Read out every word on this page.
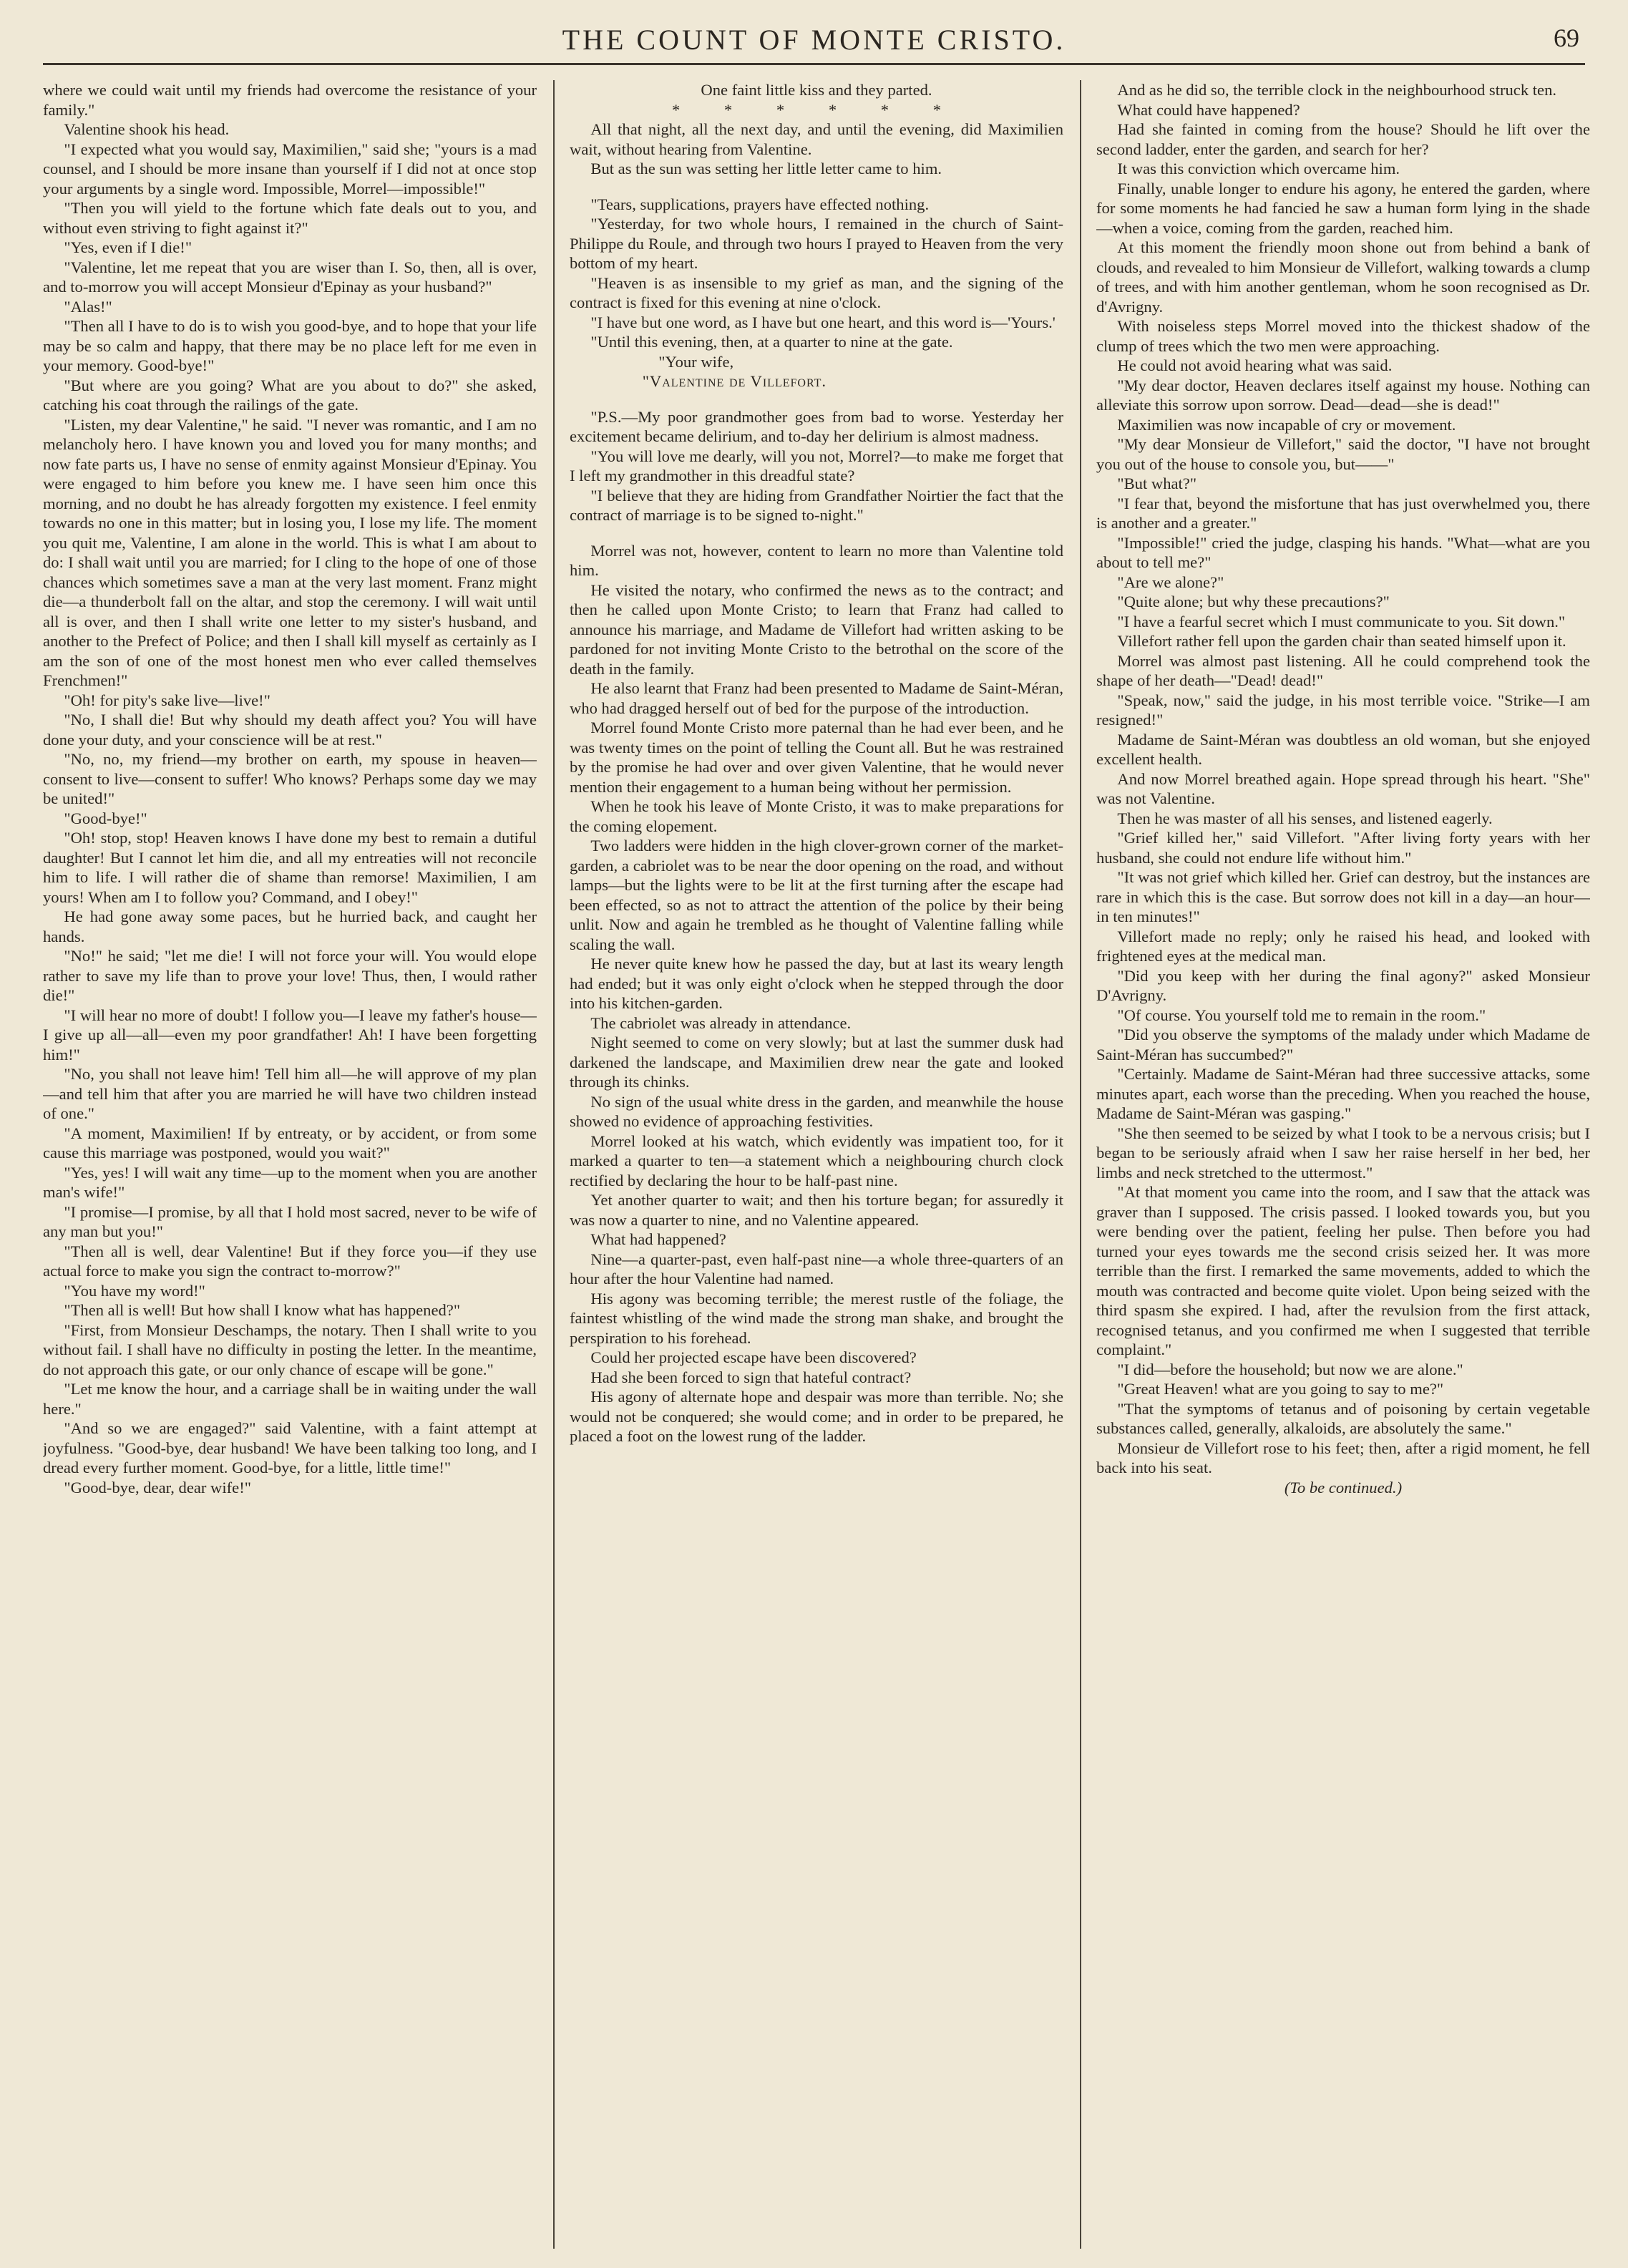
THE COUNT OF MONTE CRISTO.	69

where we could wait until my friends had overcome the resistance of your family."

Valentine shook his head.

"I expected what you would say, Maximilien," said she; "yours is a mad counsel, and I should be more insane than yourself if I did not at once stop your arguments by a single word. Impossible, Morrel—impossible!"

"Then you will yield to the fortune which fate deals out to you, and without even striving to fight against it?"

"Yes, even if I die!"

"Valentine, let me repeat that you are wiser than I. So, then, all is over, and to-morrow you will accept Monsieur d'Epinay as your husband?"

"Alas!"

"Then all I have to do is to wish you good-bye, and to hope that your life may be so calm and happy, that there may be no place left for me even in your memory. Good-bye!"

"But where are you going? What are you about to do?" she asked, catching his coat through the railings of the gate.

"Listen, my dear Valentine," he said. "I never was romantic, and I am no melancholy hero. I have known you and loved you for many months; and now fate parts us, I have no sense of enmity against Monsieur d'Epinay. You were engaged to him before you knew me. I have seen him once this morning, and no doubt he has already forgotten my existence. I feel enmity towards no one in this matter; but in losing you, I lose my life. The moment you quit me, Valentine, I am alone in the world. This is what I am about to do: I shall wait until you are married; for I cling to the hope of one of those chances which sometimes save a man at the very last moment. Franz might die—a thunderbolt fall on the altar, and stop the ceremony. I will wait until all is over, and then I shall write one letter to my sister's husband, and another to the Prefect of Police; and then I shall kill myself as certainly as I am the son of one of the most honest men who ever called themselves Frenchmen!"

"Oh! for pity's sake live—live!"

"No, I shall die! But why should my death affect you? You will have done your duty, and your conscience will be at rest."

"No, no, my friend—my brother on earth, my spouse in heaven—consent to live—consent to suffer! Who knows? Perhaps some day we may be united!"

"Good-bye!"

"Oh! stop, stop! Heaven knows I have done my best to remain a dutiful daughter! But I cannot let him die, and all my entreaties will not reconcile him to life. I will rather die of shame than remorse! Maximilien, I am yours! When am I to follow you? Command, and I obey!"

He had gone away some paces, but he hurried back, and caught her hands.

"No!" he said; "let me die! I will not force your will. You would elope rather to save my life than to prove your love! Thus, then, I would rather die!"

"I will hear no more of doubt! I follow you—I leave my father's house—I give up all—all—even my poor grandfather! Ah! I have been forgetting him!"

"No, you shall not leave him! Tell him all—he will approve of my plan—and tell him that after you are married he will have two children instead of one."

"A moment, Maximilien! If by entreaty, or by accident, or from some cause this marriage was postponed, would you wait?"

"Yes, yes! I will wait any time—up to the moment when you are another man's wife!"

"I promise—I promise, by all that I hold most sacred, never to be wife of any man but you!"

"Then all is well, dear Valentine! But if they force you—if they use actual force to make you sign the contract to-morrow?"

"You have my word!"

"Then all is well! But how shall I know what has happened?"

"First, from Monsieur Deschamps, the notary. Then I shall write to you without fail. I shall have no difficulty in posting the letter. In the meantime, do not approach this gate, or our only chance of escape will be gone."

"Let me know the hour, and a carriage shall be in waiting under the wall here."

"And so we are engaged?" said Valentine, with a faint attempt at joyfulness. "Good-bye, dear husband! We have been talking too long, and I dread every further moment. Good-bye, for a little, little time!"

"Good-bye, dear, dear wife!"

One faint little kiss and they parted.

* * * * * *

All that night, all the next day, and until the evening, did Maximilien wait, without hearing from Valentine.

But as the sun was setting her little letter came to him.

"Tears, supplications, prayers have effected nothing.

"Yesterday, for two whole hours, I remained in the church of Saint-Philippe du Roule, and through two hours I prayed to Heaven from the very bottom of my heart.

"Heaven is as insensible to my grief as man, and the signing of the contract is fixed for this evening at nine o'clock.

"I have but one word, as I have but one heart, and this word is—'Yours.'

"Until this evening, then, at a quarter to nine at the gate.

"Your wife,

"Valentine de Villefort.

"P.S.—My poor grandmother goes from bad to worse. Yesterday her excitement became delirium, and to-day her delirium is almost madness.

"You will love me dearly, will you not, Morrel?—to make me forget that I left my grandmother in this dreadful state?

"I believe that they are hiding from Grandfather Noirtier the fact that the contract of marriage is to be signed to-night."

Morrel was not, however, content to learn no more than Valentine told him.

He visited the notary, who confirmed the news as to the contract; and then he called upon Monte Cristo; to learn that Franz had called to announce his marriage, and Madame de Villefort had written asking to be pardoned for not inviting Monte Cristo to the betrothal on the score of the death in the family.

He also learnt that Franz had been presented to Madame de Saint-Méran, who had dragged herself out of bed for the purpose of the introduction.

Morrel found Monte Cristo more paternal than he had ever been, and he was twenty times on the point of telling the Count all. But he was restrained by the promise he had over and over given Valentine, that he would never mention their engagement to a human being without her permission.

When he took his leave of Monte Cristo, it was to make preparations for the coming elopement.

Two ladders were hidden in the high clover-grown corner of the market-garden, a cabriolet was to be near the door opening on the road, and without lamps—but the lights were to be lit at the first turning after the escape had been effected, so as not to attract the attention of the police by their being unlit. Now and again he trembled as he thought of Valentine falling while scaling the wall.

He never quite knew how he passed the day, but at last its weary length had ended; but it was only eight o'clock when he stepped through the door into his kitchen-garden.

The cabriolet was already in attendance.

Night seemed to come on very slowly; but at last the summer dusk had darkened the landscape, and Maximilien drew near the gate and looked through its chinks.

No sign of the usual white dress in the garden, and meanwhile the house showed no evidence of approaching festivities.

Morrel looked at his watch, which evidently was impatient too, for it marked a quarter to ten—a statement which a neighbouring church clock rectified by declaring the hour to be half-past nine.

Yet another quarter to wait; and then his torture began; for assuredly it was now a quarter to nine, and no Valentine appeared.

What had happened?

Nine—a quarter-past, even half-past nine—a whole three-quarters of an hour after the hour Valentine had named.

His agony was becoming terrible; the merest rustle of the foliage, the faintest whistling of the wind made the strong man shake, and brought the perspiration to his forehead.

Could her projected escape have been discovered?

Had she been forced to sign that hateful contract?

His agony of alternate hope and despair was more than terrible. No; she would not be conquered; she would come; and in order to be prepared, he placed a foot on the lowest rung of the ladder.

And as he did so, the terrible clock in the neighbourhood struck ten.

What could have happened?

Had she fainted in coming from the house? Should he lift over the second ladder, enter the garden, and search for her?

It was this conviction which overcame him.

Finally, unable longer to endure his agony, he entered the garden, where for some moments he had fancied he saw a human form lying in the shade—when a voice, coming from the garden, reached him.

At this moment the friendly moon shone out from behind a bank of clouds, and revealed to him Monsieur de Villefort, walking towards a clump of trees, and with him another gentleman, whom he soon recognised as Dr. d'Avrigny.

With noiseless steps Morrel moved into the thickest shadow of the clump of trees which the two men were approaching.

He could not avoid hearing what was said.

"My dear doctor, Heaven declares itself against my house. Nothing can alleviate this sorrow upon sorrow. Dead—dead—she is dead!"

Maximilien was now incapable of cry or movement.

"My dear Monsieur de Villefort," said the doctor, "I have not brought you out of the house to console you, but——"

"But what?"

"I fear that, beyond the misfortune that has just overwhelmed you, there is another and a greater."

"Impossible!" cried the judge, clasping his hands. "What—what are you about to tell me?"

"Are we alone?"

"Quite alone; but why these precautions?"

"I have a fearful secret which I must communicate to you. Sit down."

Villefort rather fell upon the garden chair than seated himself upon it.

Morrel was almost past listening. All he could comprehend took the shape of her death—"Dead! dead!"

"Speak, now," said the judge, in his most terrible voice. "Strike—I am resigned!"

Madame de Saint-Méran was doubtless an old woman, but she enjoyed excellent health.

And now Morrel breathed again. Hope spread through his heart. "She" was not Valentine.

Then he was master of all his senses, and listened eagerly.

"Grief killed her," said Villefort. "After living forty years with her husband, she could not endure life without him."

"It was not grief which killed her. Grief can destroy, but the instances are rare in which this is the case. But sorrow does not kill in a day—an hour—in ten minutes!"

Villefort made no reply; only he raised his head, and looked with frightened eyes at the medical man.

"Did you keep with her during the final agony?" asked Monsieur D'Avrigny.

"Of course. You yourself told me to remain in the room."

"Did you observe the symptoms of the malady under which Madame de Saint-Méran has succumbed?"

"Certainly. Madame de Saint-Méran had three successive attacks, some minutes apart, each worse than the preceding. When you reached the house, Madame de Saint-Méran was gasping."

"She then seemed to be seized by what I took to be a nervous crisis; but I began to be seriously afraid when I saw her raise herself in her bed, her limbs and neck stretched to the uttermost."

"At that moment you came into the room, and I saw that the attack was graver than I supposed. The crisis passed. I looked towards you, but you were bending over the patient, feeling her pulse. Then before you had turned your eyes towards me the second crisis seized her. It was more terrible than the first. I remarked the same movements, added to which the mouth was contracted and become quite violet. Upon being seized with the third spasm she expired. I had, after the revulsion from the first attack, recognised tetanus, and you confirmed me when I suggested that terrible complaint."

"I did—before the household; but now we are alone."

"Great Heaven! what are you going to say to me?"

"That the symptoms of tetanus and of poisoning by certain vegetable substances called, generally, alkaloids, are absolutely the same."

Monsieur de Villefort rose to his feet; then, after a rigid moment, he fell back into his seat.

(To be continued.)
